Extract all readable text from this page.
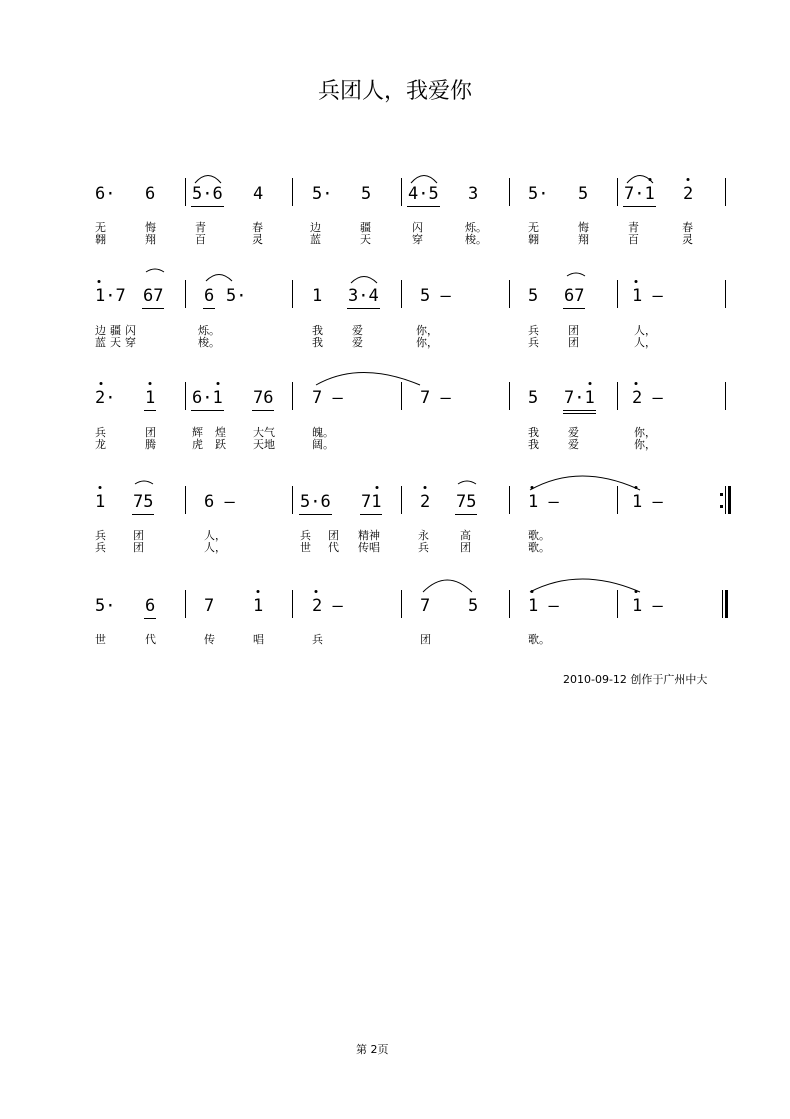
兵团人，我爱你
6· 6 5·6 4	5· 5 4·5 3	5· 5 7·1 2
无	悔	青	春	边	疆	闪	烁。	无	悔	青	春
翱	翔	百	灵	蓝	天	穿	梭。	翱	翔	百	灵
1·7 67 6 5·	1 3·4 5 –	5 67	1 –
边 疆 闪	烁。	我	爱	你，	兵	团	人，
蓝 天 穿	梭。	我	爱	你，	兵	团	人，
2· 1 6·1 76 7 –	7 –	5 7·1 2 –
兵	团	辉 煌 大气	魄。	我	爱	你，
龙	腾	虎 跃 天地	阔。	我	爱	你，
1 75	6 –	5·6 71 2 75	1 –	1 –
兵 团	人，	兵 团 精神	永	高	歌。
兵 团	人，	世 代 传唱	兵	团	歌。
5· 6	7 1	2 –	7 5	1 –	1 –
世	代	传	唱	兵	团	歌。
2010-09-12 创作于广州中大
第 2页
